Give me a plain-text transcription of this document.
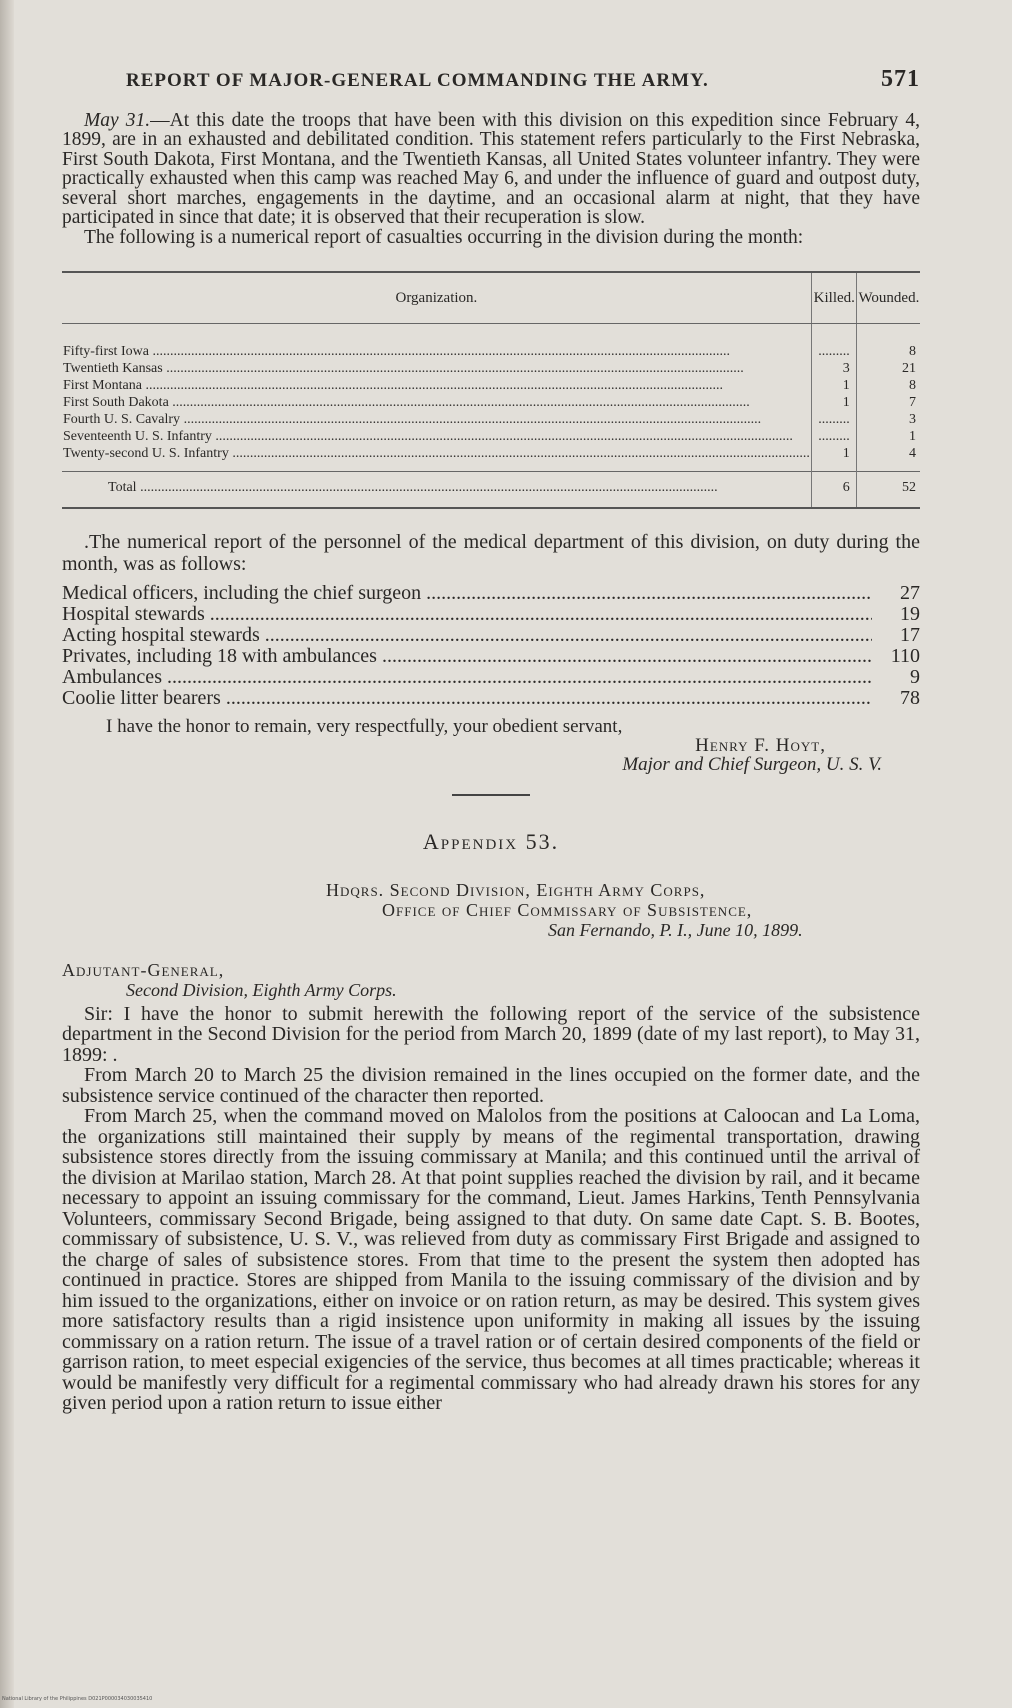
REPORT OF MAJOR-GENERAL COMMANDING THE ARMY.	571

May 31.—At this date the troops that have been with this division on this expedition since February 4, 1899, are in an exhausted and debilitated condition. This statement refers particularly to the First Nebraska, First South Dakota, First Montana, and the Twentieth Kansas, all United States volunteer infantry. They were practically exhausted when this camp was reached May 6, and under the influence of guard and outpost duty, several short marches, engagements in the daytime, and an occasional alarm at night, that they have participated in since that date; it is observed that their recuperation is slow.

The following is a numerical report of casualties occurring in the division during the month:

Organization.	Killed.	Wounded.
Fifty-first Iowa .....	.........	8
Twentieth Kansas .....	3	21
First Montana .....	1	8
First South Dakota .....	1	7
Fourth U. S. Cavalry .....	.........	3
Seventeenth U. S. Infantry .....	.........	1
Twenty-second U. S. Infantry .....	1	4
Total .....	6	52

.The numerical report of the personnel of the medical department of this division, on duty during the month, was as follows:

Medical officers, including the chief surgeon .....	27
Hospital stewards .....	19
Acting hospital stewards .....	17
Privates, including 18 with ambulances .....	110
Ambulances .....	9
Coolie litter bearers .....	78
I have the honor to remain, very respectfully, your obedient servant,
Henry F. Hoyt,
Major and Chief Surgeon, U. S. V.
Appendix 53.
Hdqrs. Second Division, Eighth Army Corps,
Office of Chief Commissary of Subsistence,
San Fernando, P. I., June 10, 1899.
Adjutant-General,
Second Division, Eighth Army Corps.

Sir: I have the honor to submit herewith the following report of the service of the subsistence department in the Second Division for the period from March 20, 1899 (date of my last report), to May 31, 1899: .

From March 20 to March 25 the division remained in the lines occupied on the former date, and the subsistence service continued of the character then reported.

From March 25, when the command moved on Malolos from the positions at Caloocan and La Loma, the organizations still maintained their supply by means of the regimental transportation, drawing subsistence stores directly from the issuing commissary at Manila; and this continued until the arrival of the division at Marilao station, March 28. At that point supplies reached the division by rail, and it became necessary to appoint an issuing commissary for the command, Lieut. James Harkins, Tenth Pennsylvania Volunteers, commissary Second Brigade, being assigned to that duty. On same date Capt. S. B. Bootes, commissary of subsistence, U. S. V., was relieved from duty as commissary First Brigade and assigned to the charge of sales of subsistence stores. From that time to the present the system then adopted has continued in practice. Stores are shipped from Manila to the issuing commissary of the division and by him issued to the organizations, either on invoice or on ration return, as may be desired. This system gives more satisfactory results than a rigid insistence upon uniformity in making all issues by the issuing commissary on a ration return. The issue of a travel ration or of certain desired components of the field or garrison ration, to meet especial exigencies of the service, thus becomes at all times practicable; whereas it would be manifestly very difficult for a regimental commissary who had already drawn his stores for any given period upon a ration return to issue either

National Library of the Philippines D021P000034030035410
